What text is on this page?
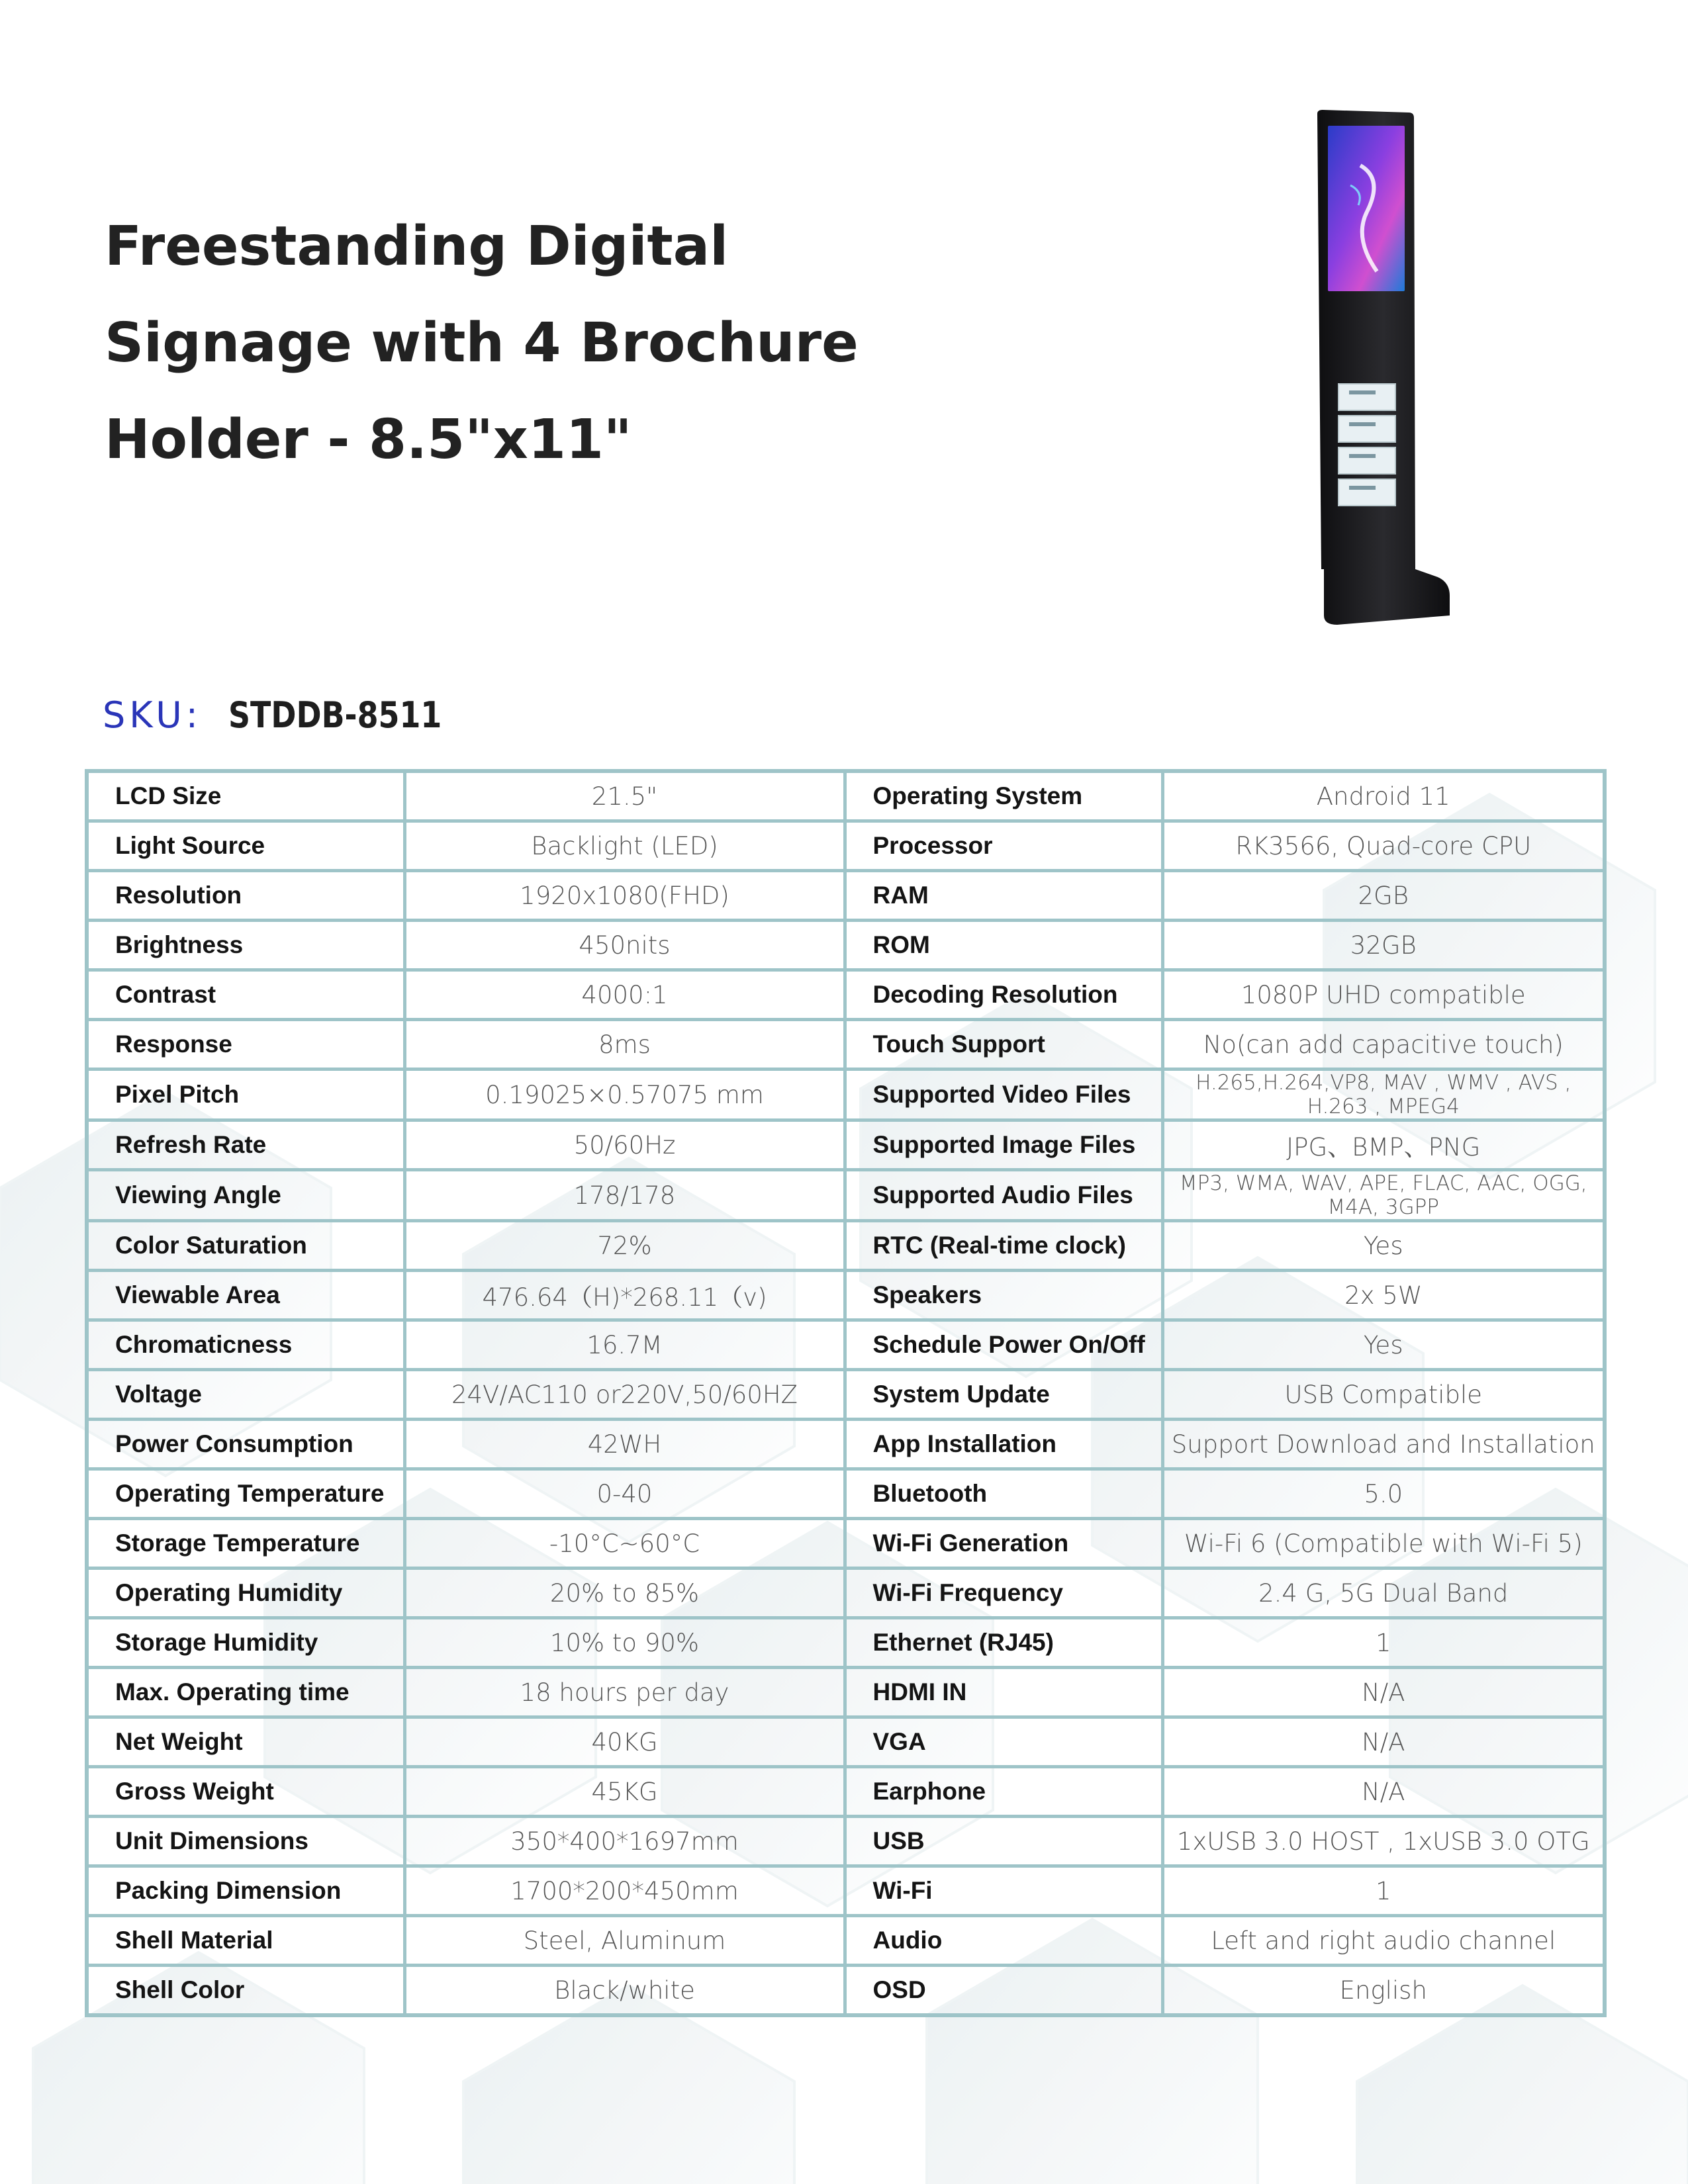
Freestanding Digital
Signage with 4 Brochure
Holder - 8.5"x11"
SKU: STDDB-8511
LCD Size	21.5"	Operating System	Android 11
Light Source	Backlight (LED)	Processor	RK3566, Quad-core CPU
Resolution	1920x1080(FHD)	RAM	2GB
Brightness	450nits	ROM	32GB
Contrast	4000:1	Decoding Resolution	1080P UHD compatible
Response	8ms	Touch Support	No(can add capacitive touch)
Pixel Pitch	0.19025×0.57075 mm	Supported Video Files	H.265,H.264,VP8, MAV , WMV , AVS , H.263 , MPEG4
Refresh Rate	50/60Hz	Supported Image Files	JPG、BMP、PNG
Viewing Angle	178/178	Supported Audio Files	MP3, WMA, WAV, APE, FLAC, AAC, OGG, M4A, 3GPP
Color Saturation	72%	RTC (Real-time clock)	Yes
Viewable Area	476.64（H)*268.11（v)	Speakers	2x 5W
Chromaticness	16.7M	Schedule Power On/Off	Yes
Voltage	24V/AC110 or220V,50/60HZ	System Update	USB Compatible
Power Consumption	42WH	App Installation	Support Download and Installation
Operating Temperature	0-40	Bluetooth	5.0
Storage Temperature	-10°C~60°C	Wi-Fi Generation	Wi-Fi 6 (Compatible with Wi-Fi 5)
Operating Humidity	20% to 85%	Wi-Fi Frequency	2.4 G, 5G Dual Band
Storage Humidity	10% to 90%	Ethernet (RJ45)	1
Max. Operating time	18 hours per day	HDMI IN	N/A
Net Weight	40KG	VGA	N/A
Gross Weight	45KG	Earphone	N/A
Unit Dimensions	350*400*1697mm	USB	1xUSB 3.0 HOST , 1xUSB 3.0 OTG
Packing Dimension	1700*200*450mm	Wi-Fi	1
Shell Material	Steel, Aluminum	Audio	Left and right audio channel
Shell Color	Black/white	OSD	English
